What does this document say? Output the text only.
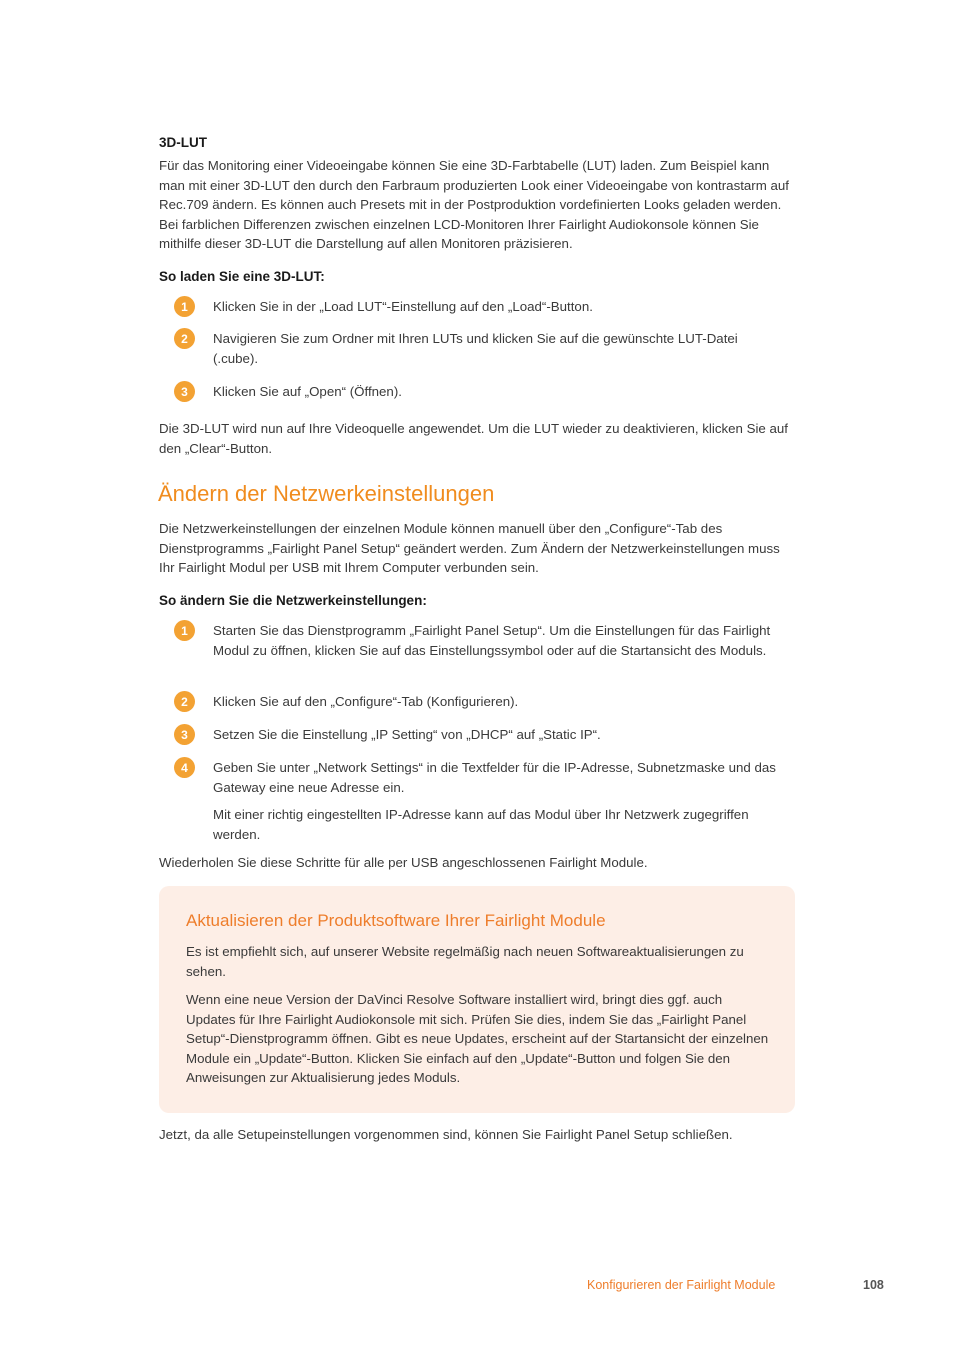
3D-LUT
Für das Monitoring einer Videoeingabe können Sie eine 3D-Farbtabelle (LUT) laden. Zum Beispiel kann man mit einer 3D-LUT den durch den Farbraum produzierten Look einer Videoeingabe von kontrastarm auf Rec.709 ändern. Es können auch Presets mit in der Postproduktion vordefinierten Looks geladen werden. Bei farblichen Differenzen zwischen einzelnen LCD-Monitoren Ihrer Fairlight Audiokonsole können Sie mithilfe dieser 3D-LUT die Darstellung auf allen Monitoren präzisieren.
So laden Sie eine 3D-LUT:
1	Klicken Sie in der „Load LUT“-Einstellung auf den „Load“-Button.
2	Navigieren Sie zum Ordner mit Ihren LUTs und klicken Sie auf die gewünschte LUT-Datei (.cube).
3	Klicken Sie auf „Open“ (Öffnen).
Die 3D-LUT wird nun auf Ihre Videoquelle angewendet. Um die LUT wieder zu deaktivieren, klicken Sie auf den „Clear“-Button.
Ändern der Netzwerkeinstellungen
Die Netzwerkeinstellungen der einzelnen Module können manuell über den „Configure“-Tab des Dienstprogramms „Fairlight Panel Setup“ geändert werden. Zum Ändern der Netzwerkeinstellungen muss Ihr Fairlight Modul per USB mit Ihrem Computer verbunden sein.
So ändern Sie die Netzwerkeinstellungen:
1	Starten Sie das Dienstprogramm „Fairlight Panel Setup“. Um die Einstellungen für das Fairlight Modul zu öffnen, klicken Sie auf das Einstellungssymbol oder auf die Startansicht des Moduls.
2	Klicken Sie auf den „Configure“-Tab (Konfigurieren).
3	Setzen Sie die Einstellung „IP Setting“ von „DHCP“ auf „Static IP“.
4	Geben Sie unter „Network Settings“ in die Textfelder für die IP-Adresse, Subnetzmaske und das Gateway eine neue Adresse ein.
Mit einer richtig eingestellten IP-Adresse kann auf das Modul über Ihr Netzwerk zugegriffen werden.
Wiederholen Sie diese Schritte für alle per USB angeschlossenen Fairlight Module.
Aktualisieren der Produktsoftware Ihrer Fairlight Module
Es ist empfiehlt sich, auf unserer Website regelmäßig nach neuen Softwareaktualisierungen zu sehen.
Wenn eine neue Version der DaVinci Resolve Software installiert wird, bringt dies ggf. auch Updates für Ihre Fairlight Audiokonsole mit sich. Prüfen Sie dies, indem Sie das „Fairlight Panel Setup“-Dienstprogramm öffnen. Gibt es neue Updates, erscheint auf der Startansicht der einzelnen Module ein „Update“-Button. Klicken Sie einfach auf den „Update“-Button und folgen Sie den Anweisungen zur Aktualisierung jedes Moduls.
Jetzt, da alle Setupeinstellungen vorgenommen sind, können Sie Fairlight Panel Setup schließen.
Konfigurieren der Fairlight Module	108
